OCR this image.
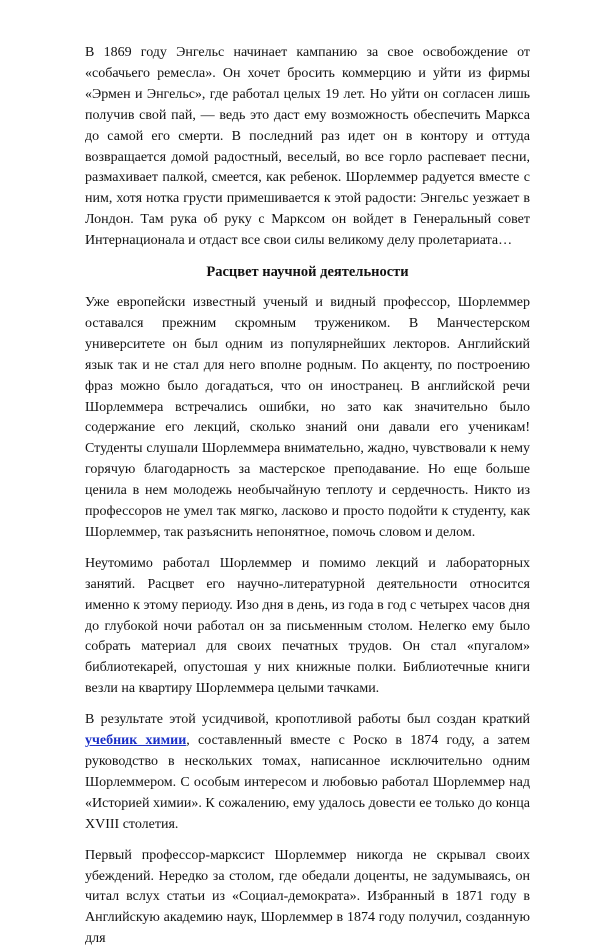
В 1869 году Энгельс начинает кампанию за свое освобождение от «собачьего ремесла». Он хочет бросить коммерцию и уйти из фирмы «Эрмен и Энгельс», где работал целых 19 лет. Но уйти он согласен лишь получив свой пай, — ведь это даст ему возможность обеспечить Маркса до самой его смерти. В последний раз идет он в контору и оттуда возвращается домой радостный, веселый, во все горло распевает песни, размахивает палкой, смеется, как ребенок. Шорлеммер радуется вместе с ним, хотя нотка грусти примешивается к этой радости: Энгельс уезжает в Лондон. Там рука об руку с Марксом он войдет в Генеральный совет Интернационала и отдаст все свои силы великому делу пролетариата…

Расцвет научной деятельности

Уже европейски известный ученый и видный профессор, Шорлеммер оставался прежним скромным тружеником. В Манчестерском университете он был одним из популярнейших лекторов. Английский язык так и не стал для него вполне родным. По акценту, по построению фраз можно было догадаться, что он иностранец. В английской речи Шорлеммера встречались ошибки, но зато как значительно было содержание его лекций, сколько знаний они давали его ученикам! Студенты слушали Шорлеммера внимательно, жадно, чувствовали к нему горячую благодарность за мастерское преподавание. Но еще больше ценила в нем молодежь необычайную теплоту и сердечность. Никто из профессоров не умел так мягко, ласково и просто подойти к студенту, как Шорлеммер, так разъяснить непонятное, помочь словом и делом.

Неутомимо работал Шорлеммер и помимо лекций и лабораторных занятий. Расцвет его научно-литературной деятельности относится именно к этому периоду. Изо дня в день, из года в год с четырех часов дня до глубокой ночи работал он за письменным столом. Нелегко ему было собрать материал для своих печатных трудов. Он стал «пугалом» библиотекарей, опустошая у них книжные полки. Библиотечные книги везли на квартиру Шорлеммера целыми тачками.

В результате этой усидчивой, кропотливой работы был создан краткий учебник химии, составленный вместе с Роско в 1874 году, а затем руководство в нескольких томах, написанное исключительно одним Шорлеммером. С особым интересом и любовью работал Шорлеммер над «Историей химии». К сожалению, ему удалось довести ее только до конца XVIII столетия.

Первый профессор-марксист Шорлеммер никогда не скрывал своих убеждений. Нередко за столом, где обедали доценты, не задумываясь, он читал вслух статьи из «Социал-демократа». Избранный в 1871 году в Английскую академию наук, Шорлеммер в 1874 году получил, созданную для
